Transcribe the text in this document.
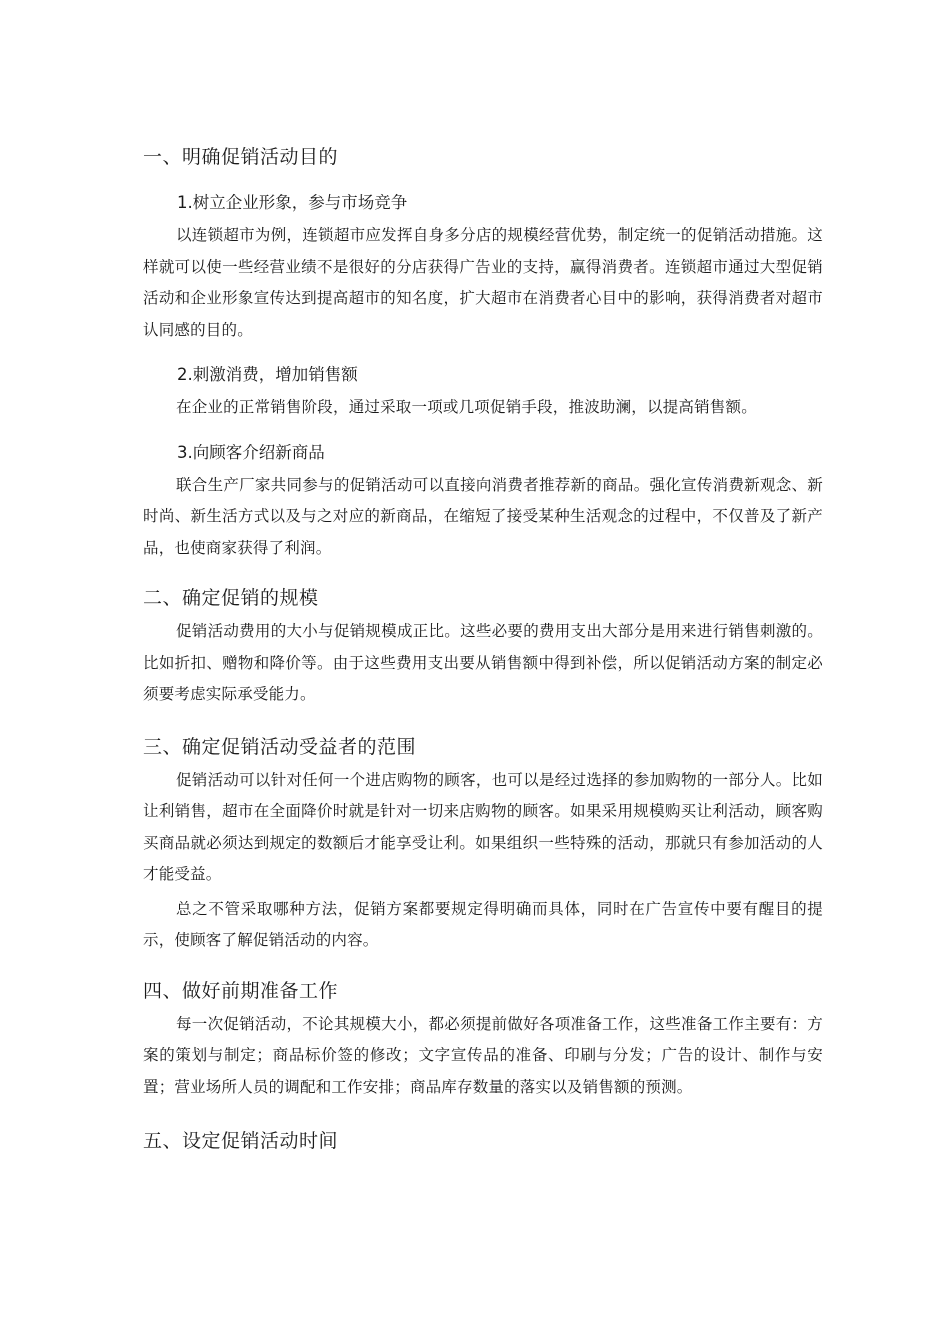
一、明确促销活动目的
1.树立企业形象，参与市场竞争

以连锁超市为例，连锁超市应发挥自身多分店的规模经营优势，制定统一的促销活动措施。这样就可以使一些经营业绩不是很好的分店获得广告业的支持，赢得消费者。连锁超市通过大型促销活动和企业形象宣传达到提高超市的知名度，扩大超市在消费者心目中的影响，获得消费者对超市认同感的目的。

2.刺激消费，增加销售额

在企业的正常销售阶段，通过采取一项或几项促销手段，推波助澜，以提高销售额。

3.向顾客介绍新商品

联合生产厂家共同参与的促销活动可以直接向消费者推荐新的商品。强化宣传消费新观念、新时尚、新生活方式以及与之对应的新商品，在缩短了接受某种生活观念的过程中，不仅普及了新产品，也使商家获得了利润。

二、确定促销的规模

促销活动费用的大小与促销规模成正比。这些必要的费用支出大部分是用来进行销售刺激的。比如折扣、赠物和降价等。由于这些费用支出要从销售额中得到补偿，所以促销活动方案的制定必须要考虑实际承受能力。

三、确定促销活动受益者的范围

促销活动可以针对任何一个进店购物的顾客，也可以是经过选择的参加购物的一部分人。比如让利销售，超市在全面降价时就是针对一切来店购物的顾客。如果采用规模购买让利活动，顾客购买商品就必须达到规定的数额后才能享受让利。如果组织一些特殊的活动，那就只有参加活动的人才能受益。

总之不管采取哪种方法，促销方案都要规定得明确而具体，同时在广告宣传中要有醒目的提示，使顾客了解促销活动的内容。

四、做好前期准备工作

每一次促销活动，不论其规模大小，都必须提前做好各项准备工作，这些准备工作主要有：方案的策划与制定；商品标价签的修改；文字宣传品的准备、印刷与分发；广告的设计、制作与安置；营业场所人员的调配和工作安排；商品库存数量的落实以及销售额的预测。

五、设定促销活动时间
